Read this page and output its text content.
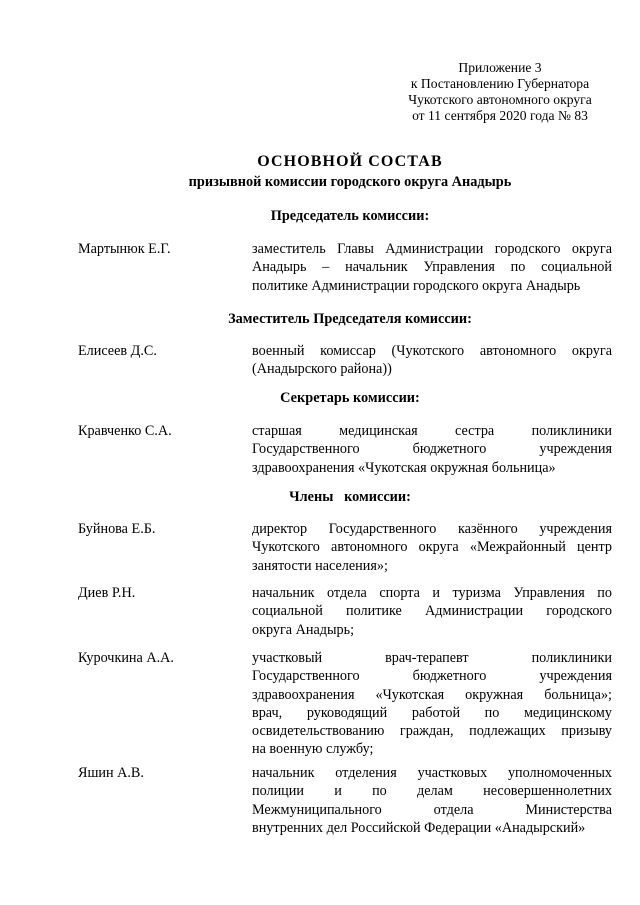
Приложение 3
к Постановлению Губернатора
Чукотского автономного округа
от 11 сентября 2020 года № 83
ОСНОВНОЙ СОСТАВ
призывной комиссии городского округа Анадырь
Председатель комиссии:
Мартынюк Е.Г.	заместитель Главы Администрации городского округа
Анадырь – начальник Управления по социальной
политике Администрации городского округа Анадырь
Заместитель Председателя комиссии:
Елисеев Д.С.	военный комиссар (Чукотского автономного округа
(Анадырского района))
Секретарь комиссии:
Кравченко С.А.	старшая медицинская сестра поликлиники
Государственного бюджетного учреждения
здравоохранения «Чукотская окружная больница»
Члены   комиссии:
Буйнова Е.Б.	директор Государственного казённого учреждения
Чукотского автономного округа «Межрайонный центр
занятости населения»;
Диев Р.Н.	начальник отдела спорта и туризма Управления по
социальной политике Администрации городского
округа Анадырь;
Курочкина А.А.	участковый врач-терапевт поликлиники
Государственного бюджетного учреждения
здравоохранения «Чукотская окружная больница»;
врач, руководящий работой по медицинскому
освидетельствованию граждан, подлежащих призыву
на военную службу;
Яшин А.В.	начальник отделения участковых уполномоченных
полиции и по делам несовершеннолетних
Межмуниципального отдела Министерства
внутренних дел Российской Федерации «Анадырский»
